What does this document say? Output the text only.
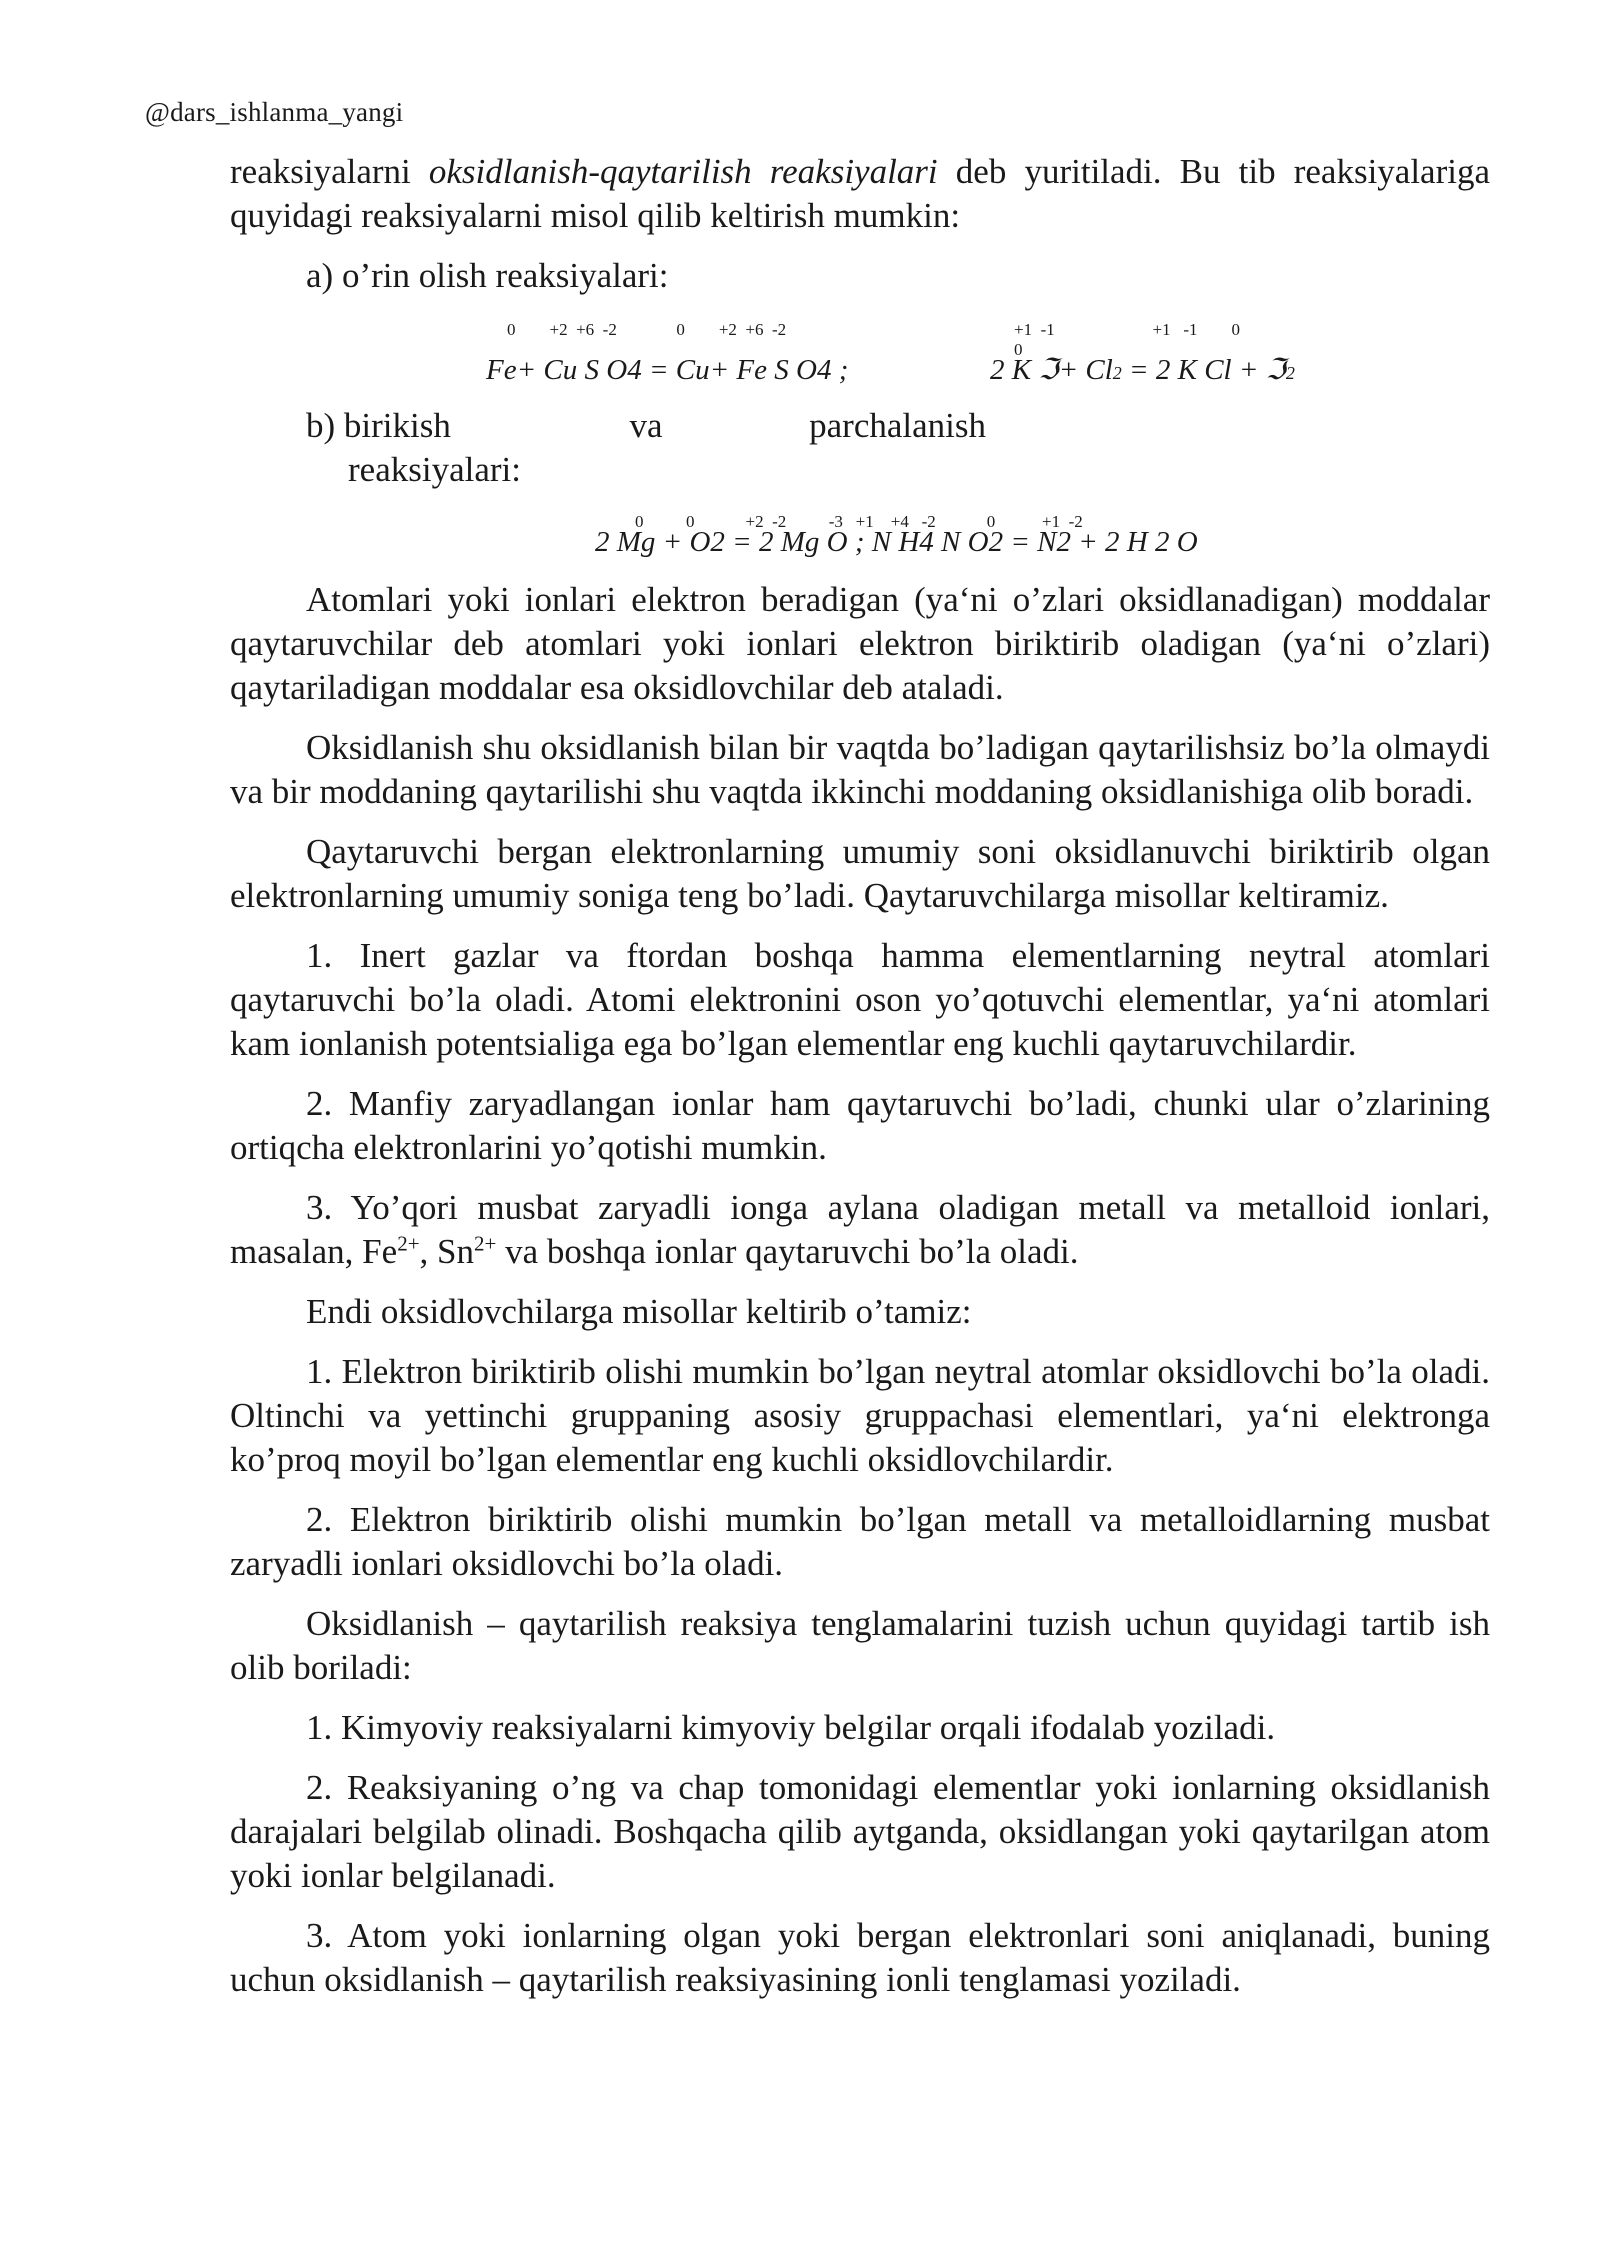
@dars_ishlanma_yangi

reaksiyalarni oksidlanish-qaytarilish reaksiyalari deb yuritiladi. Bu tib reaksiyalariga quyidagi reaksiyalarni misol qilib keltirish mumkin:

a) o’rin olish reaksiyalari:
0        +2  +6  -2              0        +2  +6  -2	+1  -1                       +1   -1        0
0
Fe+ Cu S O4 = Cu+ Fe S O4 ;	2 K ℑ+ Cl2 = 2 K Cl + ℑ2
b) birikish	va	parchalanish
reaksiyalari:
0          0            +2  -2          -3   +1    +4   -2            0           +1  -2
2 Mg + O2 = 2 Mg O ; N H4 N O2 = N2 + 2 H 2 O

Atomlari yoki ionlari elektron beradigan (ya‘ni o’zlari oksidlanadigan) moddalar qaytaruvchilar deb atomlari yoki ionlari elektron biriktirib oladigan (ya‘ni o’zlari) qaytariladigan moddalar esa oksidlovchilar deb ataladi.

Oksidlanish shu oksidlanish bilan bir vaqtda bo’ladigan qaytarilishsiz bo’la olmaydi va bir moddaning qaytarilishi shu vaqtda ikkinchi moddaning oksidlanishiga olib boradi.

Qaytaruvchi bergan elektronlarning umumiy soni oksidlanuvchi biriktirib olgan elektronlarning umumiy soniga teng bo’ladi. Qaytaruvchilarga misollar keltiramiz.

1. Inert gazlar va ftordan boshqa hamma elementlarning neytral atomlari qaytaruvchi bo’la oladi. Atomi elektronini oson yo’qotuvchi elementlar, ya‘ni atomlari kam ionlanish potentsialiga ega bo’lgan elementlar eng kuchli qaytaruvchilardir.

2. Manfiy zaryadlangan ionlar ham qaytaruvchi bo’ladi, chunki ular o’zlarining ortiqcha elektronlarini yo’qotishi mumkin.

3. Yo’qori musbat zaryadli ionga aylana oladigan metall va metalloid ionlari, masalan, $Fe^{2+}$, $Sn^{2+}$ va boshqa ionlar qaytaruvchi bo’la oladi.

Endi oksidlovchilarga misollar keltirib o’tamiz:

1. Elektron biriktirib olishi mumkin bo’lgan neytral atomlar oksidlovchi bo’la oladi. Oltinchi va yettinchi gruppaning asosiy gruppachasi elementlari, ya‘ni elektronga ko’proq moyil bo’lgan elementlar eng kuchli oksidlovchilardir.

2. Elektron biriktirib olishi mumkin bo’lgan metall va metalloidlarning musbat zaryadli ionlari oksidlovchi bo’la oladi.

Oksidlanish – qaytarilish reaksiya tenglamalarini tuzish uchun quyidagi tartib ish olib boriladi:

1. Kimyoviy reaksiyalarni kimyoviy belgilar orqali ifodalab yoziladi.

2. Reaksiyaning o’ng va chap tomonidagi elementlar yoki ionlarning oksidlanish darajalari belgilab olinadi. Boshqacha qilib aytganda, oksidlangan yoki qaytarilgan atom yoki ionlar belgilanadi.

3. Atom yoki ionlarning olgan yoki bergan elektronlari soni aniqlanadi, buning uchun oksidlanish – qaytarilish reaksiyasining ionli tenglamasi yoziladi.
